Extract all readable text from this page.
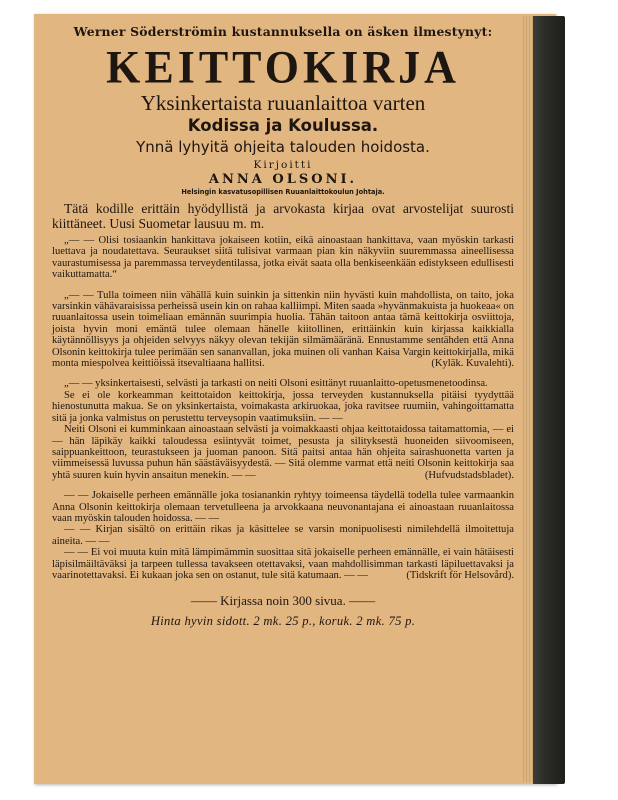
Werner Söderströmin kustannuksella on äsken ilmestynyt:

KEITTOKIRJA

Yksinkertaista ruuanlaittoa varten

Kodissa ja Koulussa.

Ynnä lyhyitä ohjeita talouden hoidosta.

Kirjoitti

ANNA OLSONI.

Helsingin kasvatusopillisen Ruuanlaittokoulun Johtaja.

Tätä kodille erittäin hyödyllistä ja arvokasta kirjaa ovat arvostelijat suurosti kiittäneet. Uusi Suometar lausuu m. m.

„— — Olisi tosiaankin hankittava jokaiseen kotiin, eikä ainoastaan hankittava, vaan myöskin tarkasti luettava ja noudatettava. Seuraukset siitä tulisivat varmaan pian kin näkyviin suuremmassa aineellisessa vaurastumisessa ja paremmassa terveydentilassa, jotka eivät saata olla benkiseenkään edistykseen edullisesti vaikuttamatta.“

„— — Tulla toimeen niin vähällä kuin suinkin ja sittenkin niin hyvästi kuin mahdollista, on taito, joka varsinkin vähävaraisissa perheissä usein kin on rahaa kalliimpi. Miten saada »hyvänmakuista ja huokeaa« on ruuanlaitossa usein toimeliaan emännän suurimpia huolia. Tähän taitoon antaa tämä keittokirja osviittoja, joista hyvin moni emäntä tulee olemaan hänelle kiitollinen, erittäinkin kuin kirjassa kaikkialla käytännöllisyys ja ohjeiden selvyys näkyy olevan tekijän silmämääränä. Ennustamme sentähden että Anna Olsonin keittokirja tulee perimään sen sananvallan, joka muinen oli vanhan Kaisa Vargin keittokirjalla, mikä monta miespolvea keittiöissä itsevaltiaana hallitsi.	(Kyläk. Kuvalehti).

„— — yksinkertaisesti, selvästi ja tarkasti on neiti Olsoni esittänyt ruuanlaitto-opetusmenetoodinsa.

Se ei ole korkeamman keittotaidon keittokirja, jossa terveyden kustannuksella pitäisi tyydyttää hienostunutta makua. Se on yksinkertaista, voimakasta arkiruokaa, joka ravitsee ruumiin, vahingoittamatta sitä ja jonka valmistus on perustettu terveysopin vaatimuksiin. — —

Neiti Olsoni ei kumminkaan ainoastaan selvästi ja voimakkaasti ohjaa keittotaidossa taitamattomia, — ei — hän läpikäy kaikki taloudessa esiintyvät toimet, pesusta ja silityksestä huoneiden siivoomiseen, saippuankeittoon, teurastukseen ja juoman panoon. Sitä paitsi antaa hän ohjeita sairashuonetta varten ja viimmeisessä luvussa puhun hän säästäväisyydestä. — Sitä olemme varmat että neiti Olsonin keittokirja saa yhtä suuren kuin hyvin ansaitun menekin. — —	(Hufvudstadsbladet).

— — Jokaiselle perheen emännälle joka tosianankin ryhtyy toimeensa täydellä todella tulee varmaankin Anna Olsonin keittokirja olemaan tervetulleena ja arvokkaana neuvonantajana ei ainoastaan ruuanlaitossa vaan myöskin talouden hoidossa. — —

— — Kirjan sisältö on erittäin rikas ja käsittelee se varsin monipuolisesti nimilehdellä ilmoitettuja aineita. — —

— — Ei voi muuta kuin mitä lämpimämmin suosittaa sitä jokaiselle perheen emännälle, ei vain hätäisesti läpisilmäiltäväksi ja tarpeen tullessa tavakseen otettavaksi, vaan mahdollisimman tarkasti läpiluettavaksi ja vaarinotettavaksi. Ei kukaan joka sen on ostanut, tule sitä katumaan. — —	(Tidskrift för Helsovård).

—— Kirjassa noin 300 sivua. ——

Hinta hyvin sidott. 2 mk. 25 p., koruk. 2 mk. 75 p.
